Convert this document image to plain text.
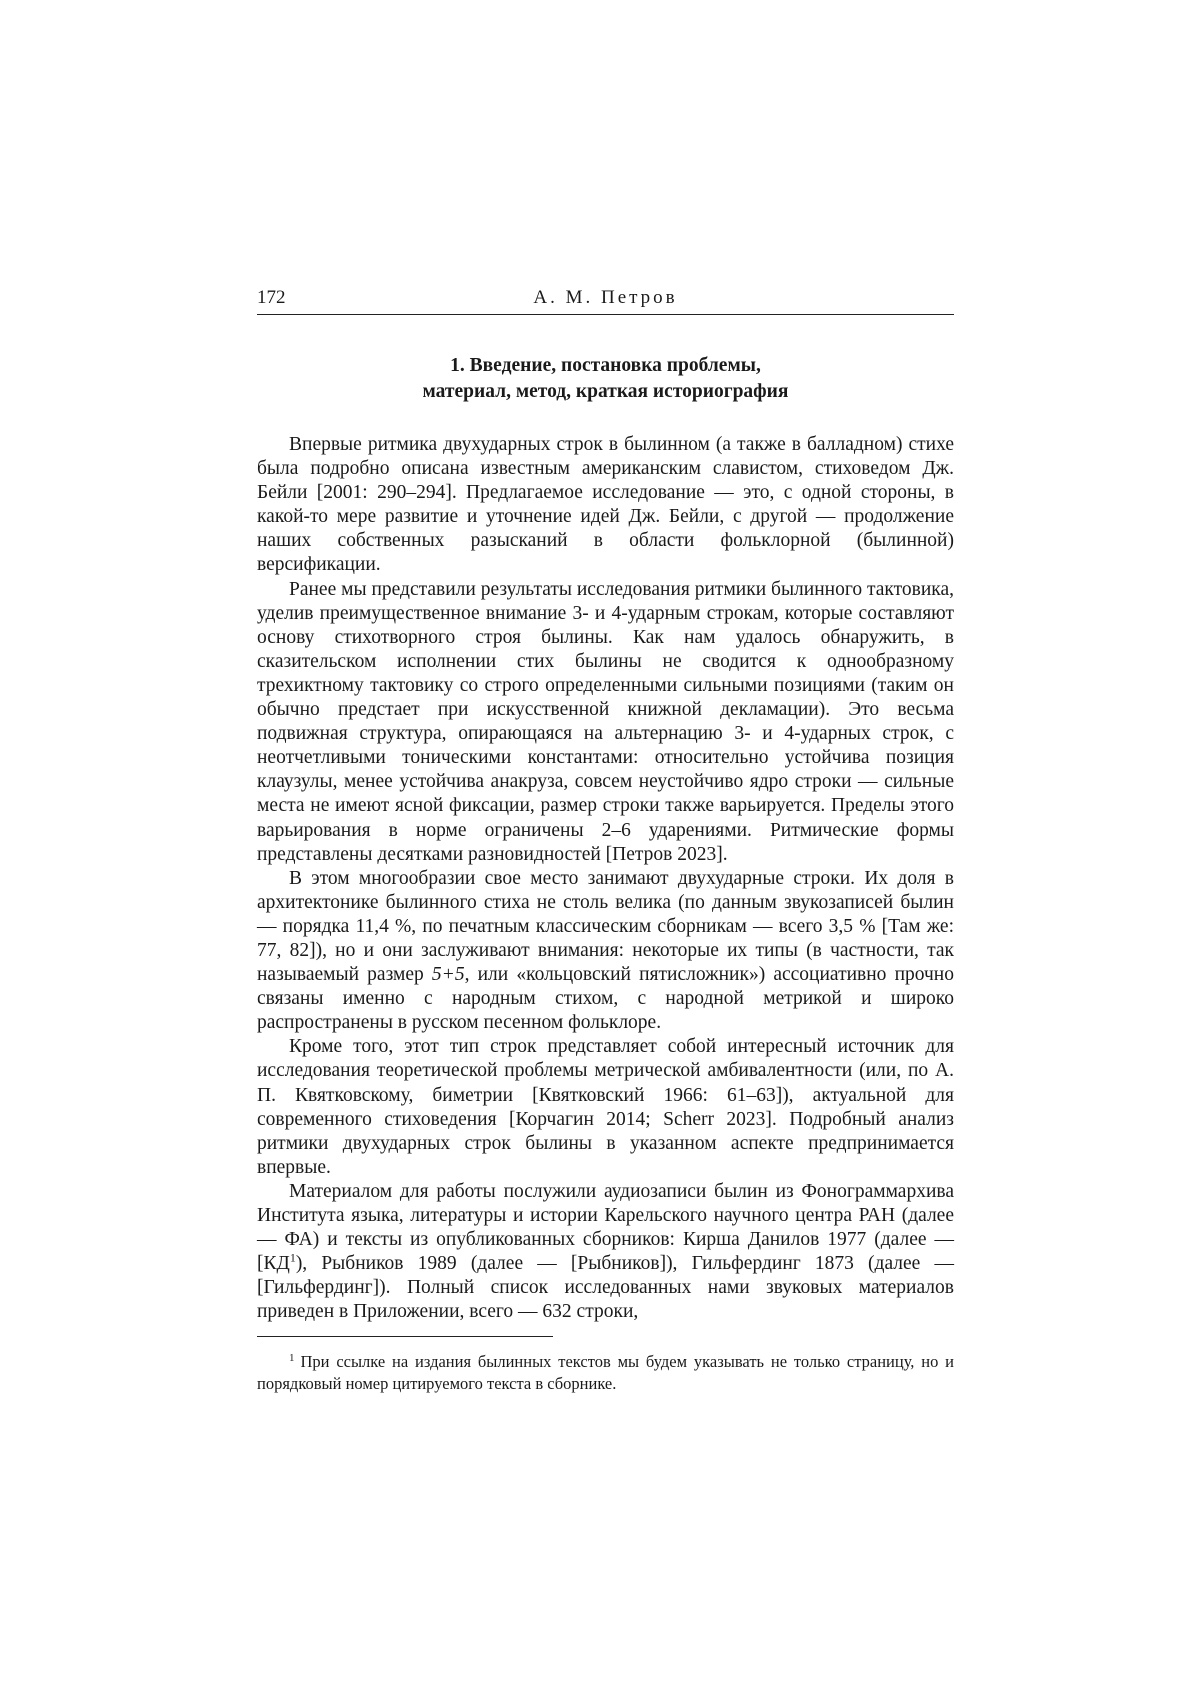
172	А. М. Петров
1. Введение, постановка проблемы,
материал, метод, краткая историография

Впервые ритмика двухударных строк в былинном (а также в балладном) стихе была подробно описана известным американским славистом, стиховедом Дж. Бейли [2001: 290–294]. Предлагаемое исследование — это, с одной стороны, в какой-то мере развитие и уточнение идей Дж. Бейли, с другой — продолжение наших собственных разысканий в области фольклорной (былинной) версификации.

Ранее мы представили результаты исследования ритмики былинного тактовика, уделив преимущественное внимание 3- и 4-ударным строкам, которые составляют основу стихотворного строя былины. Как нам удалось обнаружить, в сказительском исполнении стих былины не сводится к однообразному трехиктному тактовику со строго определенными сильными позициями (таким он обычно предстает при искусственной книжной декламации). Это весьма подвижная структура, опирающаяся на альтернацию 3- и 4-ударных строк, с неотчетливыми тоническими константами: относительно устойчива позиция клаузулы, менее устойчива анакруза, совсем неустойчиво ядро строки — сильные места не имеют ясной фиксации, размер строки также варьируется. Пределы этого варьирования в норме ограничены 2–6 ударениями. Ритмические формы представлены десятками разновидностей [Петров 2023].

В этом многообразии свое место занимают двухударные строки. Их доля в архитектонике былинного стиха не столь велика (по данным звукозаписей былин — порядка 11,4 %, по печатным классическим сборникам — всего 3,5 % [Там же: 77, 82]), но и они заслуживают внимания: некоторые их типы (в частности, так называемый размер 5+5, или «кольцовский пятисложник») ассоциативно прочно связаны именно с народным стихом, с народной метрикой и широко распространены в русском песенном фольклоре.

Кроме того, этот тип строк представляет собой интересный источник для исследования теоретической проблемы метрической амбивалентности (или, по А. П. Квятковскому, биметрии [Квятковский 1966: 61–63]), актуальной для современного стиховедения [Корчагин 2014; Scherr 2023]. Подробный анализ ритмики двухударных строк былины в указанном аспекте предпринимается впервые.

Материалом для работы послужили аудиозаписи былин из Фонограммархива Института языка, литературы и истории Карельского научного центра РАН (далее — ФА) и тексты из опубликованных сборников: Кирша Данилов 1977 (далее — $[КД^1)$, Рыбников 1989 (далее — [Рыбников]), Гильфердинг 1873 (далее — [Гильфердинг]). Полный список исследованных нами звуковых материалов приведен в Приложении, всего — 632 строки,

$^1$ При ссылке на издания былинных текстов мы будем указывать не только страницу, но и порядковый номер цитируемого текста в сборнике.
